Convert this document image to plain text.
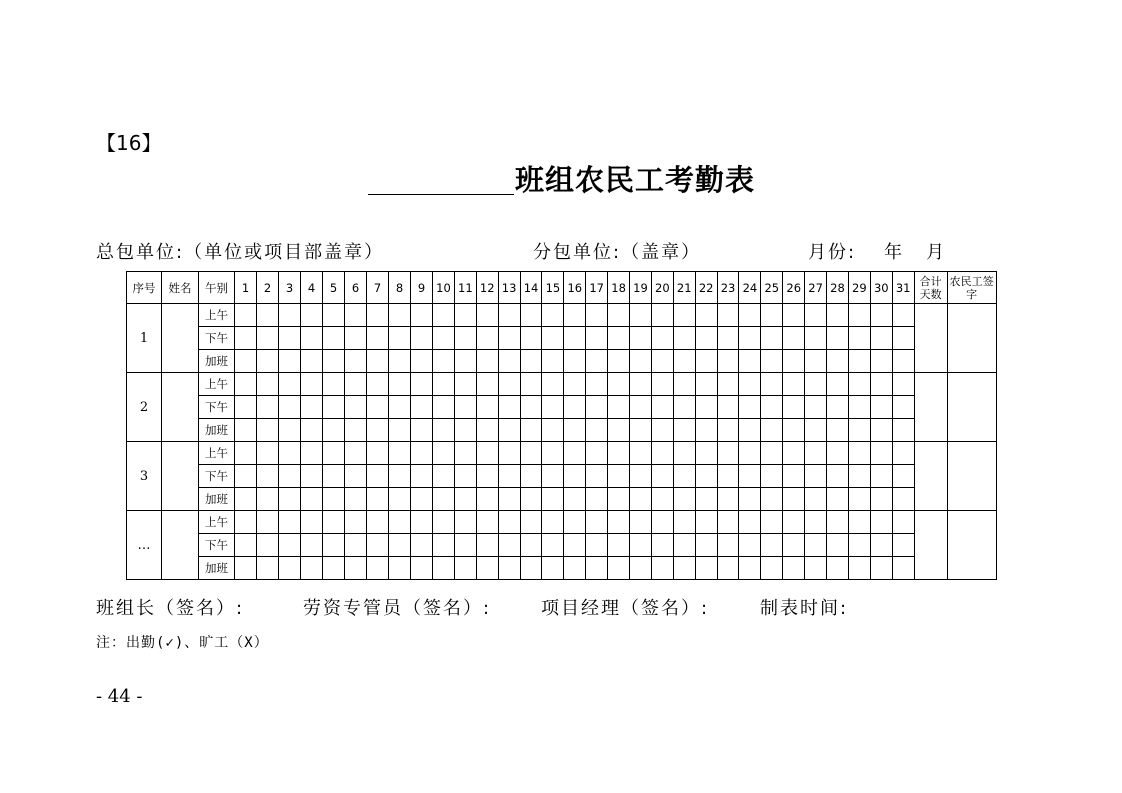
【16】
班组农民工考勤表
总包单位:（单位或项目部盖章）	分包单位:（盖章）	月份: 年 月
序号	姓名	午别	1	2	3	4	5	6	7	8	9	10	11	12	13	14	15	16	17	18	19	20	21	22	23	24	25	26	27	28	29	30	31	合计天数	农民工签字
1		上午																																	
		下午																																	
		加班																																	
2		上午																																	
		下午																																	
		加班																																	
3		上午																																	
		下午																																	
		加班																																	
…		上午																																	
		下午																																	
		加班																																	
班组长（签名）:	劳资专管员（签名）:	项目经理（签名）:	制表时间:
注：出勤(✓)、旷工（X）
- 44 -
